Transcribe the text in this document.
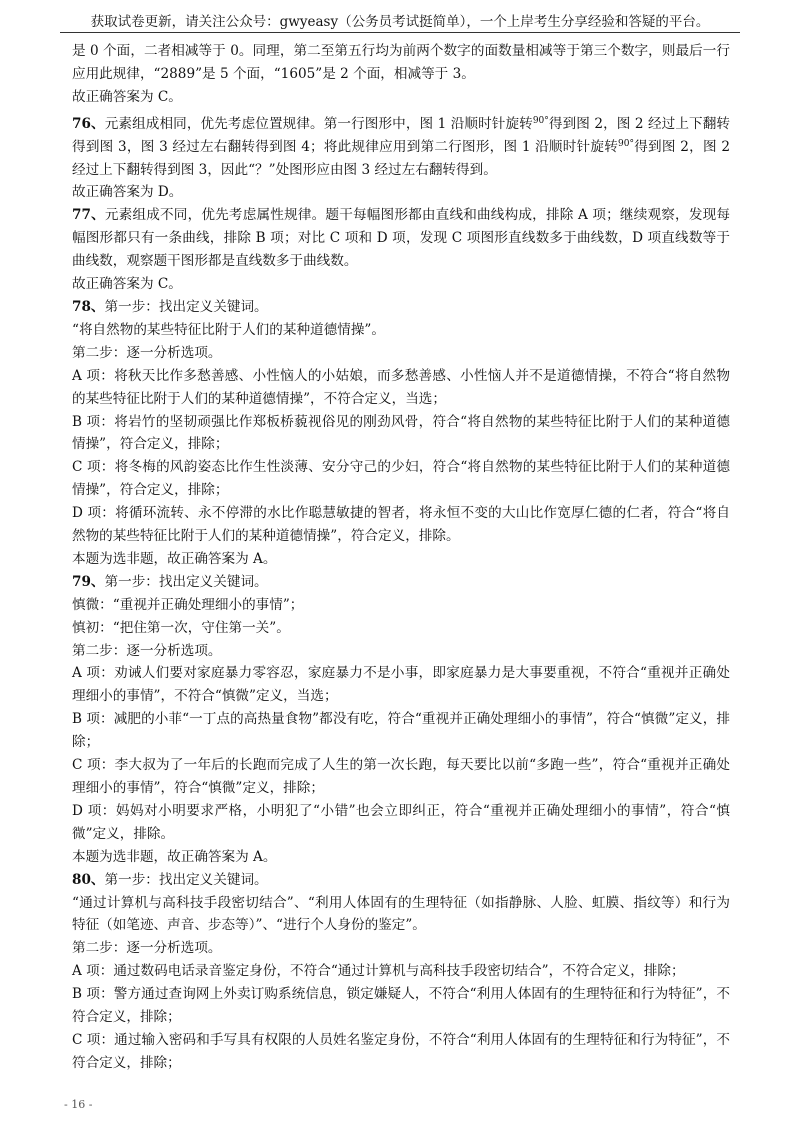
获取试卷更新，请关注公众号：gwyeasy（公务员考试挺简单），一个上岸考生分享经验和答疑的平台。

是 0 个面，二者相减等于 0。同理，第二至第五行均为前两个数字的面数量相减等于第三个数字，则最后一行应用此规律，“2889”是 5 个面，“1605”是 2 个面，相减等于 3。

故正确答案为 C。

76、元素组成相同，优先考虑位置规律。第一行图形中，图 1 沿顺时针旋转$^{90^\circ}$得到图 2，图 2 经过上下翻转得到图 3，图 3 经过左右翻转得到图 4；将此规律应用到第二行图形，图 1 沿顺时针旋转$^{90^\circ}$得到图 2，图 2 经过上下翻转得到图 3，因此“？”处图形应由图 3 经过左右翻转得到。

故正确答案为 D。

77、元素组成不同，优先考虑属性规律。题干每幅图形都由直线和曲线构成，排除 A 项；继续观察，发现每幅图形都只有一条曲线，排除 B 项；对比 C 项和 D 项，发现 C 项图形直线数多于曲线数，D 项直线数等于曲线数，观察题干图形都是直线数多于曲线数。

故正确答案为 C。

78、第一步：找出定义关键词。

“将自然物的某些特征比附于人们的某种道德情操”。

第二步：逐一分析选项。

A 项：将秋天比作多愁善感、小性恼人的小姑娘，而多愁善感、小性恼人并不是道德情操，不符合“将自然物的某些特征比附于人们的某种道德情操”，不符合定义，当选；

B 项：将岩竹的坚韧顽强比作郑板桥藐视俗见的刚劲风骨，符合“将自然物的某些特征比附于人们的某种道德情操”，符合定义，排除；

C 项：将冬梅的风韵姿态比作生性淡薄、安分守己的少妇，符合“将自然物的某些特征比附于人们的某种道德情操”，符合定义，排除；

D 项：将循环流转、永不停滞的水比作聪慧敏捷的智者，将永恒不变的大山比作宽厚仁德的仁者，符合“将自然物的某些特征比附于人们的某种道德情操”，符合定义，排除。

本题为选非题，故正确答案为 A。

79、第一步：找出定义关键词。

慎微：“重视并正确处理细小的事情”；

慎初：“把住第一次，守住第一关”。

第二步：逐一分析选项。

A 项：劝诫人们要对家庭暴力零容忍，家庭暴力不是小事，即家庭暴力是大事要重视，不符合“重视并正确处理细小的事情”，不符合“慎微”定义，当选；

B 项：减肥的小菲“一丁点的高热量食物”都没有吃，符合“重视并正确处理细小的事情”，符合“慎微”定义，排除；

C 项：李大叔为了一年后的长跑而完成了人生的第一次长跑，每天要比以前“多跑一些”，符合“重视并正确处理细小的事情”，符合“慎微”定义，排除；

D 项：妈妈对小明要求严格，小明犯了“小错”也会立即纠正，符合“重视并正确处理细小的事情”，符合“慎微”定义，排除。

本题为选非题，故正确答案为 A。

80、第一步：找出定义关键词。

“通过计算机与高科技手段密切结合”、“利用人体固有的生理特征（如指静脉、人脸、虹膜、指纹等）和行为特征（如笔迹、声音、步态等）”、“进行个人身份的鉴定”。

第二步：逐一分析选项。

A 项：通过数码电话录音鉴定身份，不符合“通过计算机与高科技手段密切结合”，不符合定义，排除；

B 项：警方通过查询网上外卖订购系统信息，锁定嫌疑人，不符合“利用人体固有的生理特征和行为特征”，不符合定义，排除；

C 项：通过输入密码和手写具有权限的人员姓名鉴定身份，不符合“利用人体固有的生理特征和行为特征”，不符合定义，排除；

- 16 -
